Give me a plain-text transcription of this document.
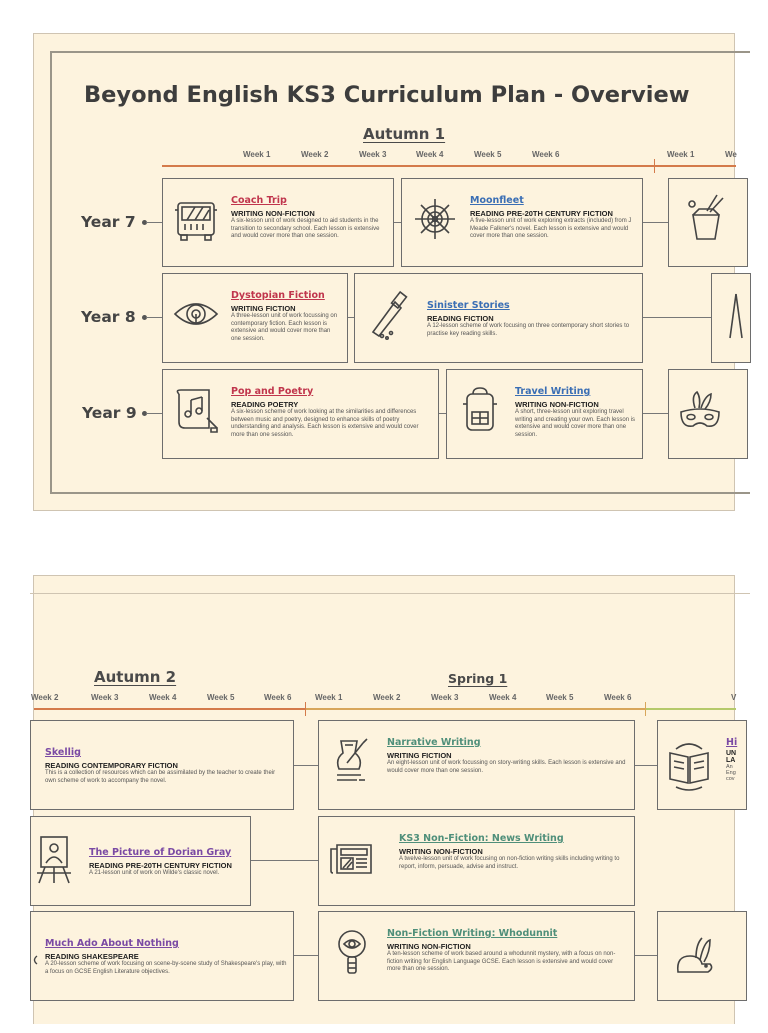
Beyond English KS3 Curriculum Plan - Overview
Autumn 1
Week 1	Week 2	Week 3	Week 4	Week 5	Week 6	Week 1	We
Year 7
Year 8
Year 9
Coach Trip
WRITING NON-FICTION
A six-lesson unit of work designed to aid students in the transition to secondary school. Each lesson is extensive and would cover more than one session.
Moonfleet
READING PRE-20TH CENTURY FICTION
A five-lesson unit of work exploring extracts (included) from J Meade Falkner's novel. Each lesson is extensive and would cover more than one session.
Dystopian Fiction
WRITING FICTION
A three-lesson unit of work focussing on contemporary fiction. Each lesson is extensive and would cover more than one session.
Sinister Stories
READING FICTION
A 12-lesson scheme of work focusing on three contemporary short stories to practise key reading skills.
Pop and Poetry
READING POETRY
A six-lesson scheme of work looking at the similarities and differences between music and poetry, designed to enhance skills of poetry understanding and analysis. Each lesson is extensive and would cover more than one session.
Travel Writing
WRITING NON-FICTION
A short, three-lesson unit exploring travel writing and creating your own. Each lesson is extensive and would cover more than one session.
Autumn 2	Spring 1
Week 2	Week 3	Week 4	Week 5	Week 6	Week 1	Week 2	Week 3	Week 4	Week 5	Week 6	V
Skellig
READING CONTEMPORARY FICTION
This is a collection of resources which can be assimilated by the teacher to create their own scheme of work to accompany the novel.
Narrative Writing
WRITING FICTION
An eight-lesson unit of work focussing on story-writing skills. Each lesson is extensive and would cover more than one session.
Hi
UN
LA
An
Eng
cov
The Picture of Dorian Gray
READING PRE-20TH CENTURY FICTION
A 21-lesson unit of work on Wilde's classic novel.
KS3 Non-Fiction: News Writing
WRITING NON-FICTION
A twelve-lesson unit of work focusing on non-fiction writing skills including writing to report, inform, persuade, advise and instruct.
Much Ado About Nothing
READING SHAKESPEARE
A 20-lesson scheme of work focusing on scene-by-scene study of Shakespeare's play, with a focus on GCSE English Literature objectives.
Non-Fiction Writing: Whodunnit
WRITING NON-FICTION
A ten-lesson scheme of work based around a whodunnit mystery, with a focus on non-fiction writing for English Language GCSE. Each lesson is extensive and would cover more than one session.
